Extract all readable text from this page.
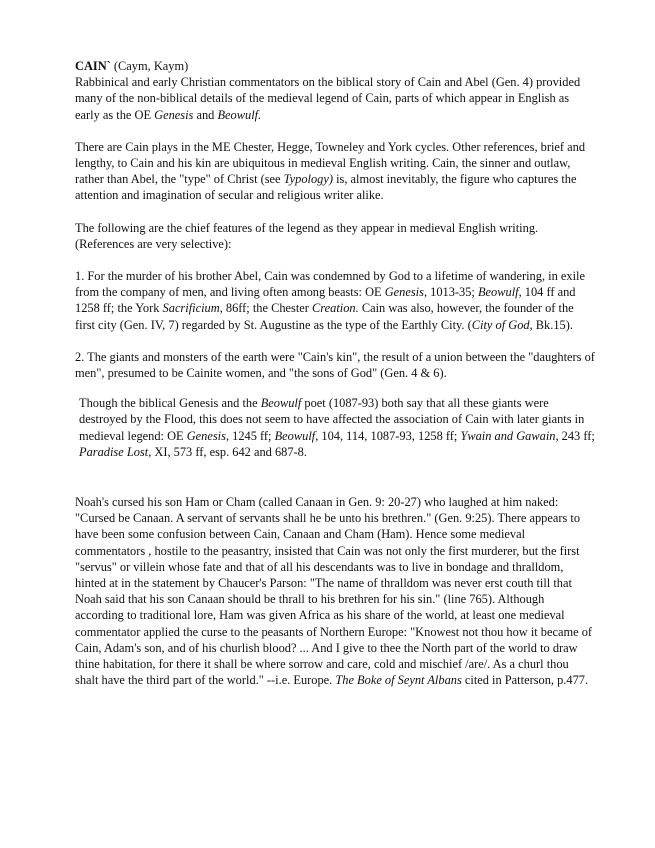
CAIN` (Caym, Kaym)

Rabbinical and early Christian commentators on the biblical story of Cain and Abel (Gen. 4) provided many of the non-biblical details of the medieval legend of Cain, parts of which appear in English as early as the OE Genesis and Beowulf.

There are Cain plays in the ME Chester, Hegge, Towneley and York cycles. Other references, brief and lengthy, to Cain and his kin are ubiquitous in medieval English writing. Cain, the sinner and outlaw, rather than Abel, the "type" of Christ (see Typology) is, almost inevitably, the figure who captures the attention and imagination of secular and religious writer alike.

The following are the chief features of the legend as they appear in medieval English writing. (References are very selective):

1. For the murder of his brother Abel, Cain was condemned by God to a lifetime of wandering, in exile from the company of men, and living often among beasts: OE Genesis, 1013-35; Beowulf, 104 ff and 1258 ff; the York Sacrificium, 86ff; the Chester Creation. Cain was also, however, the founder of the first city (Gen. IV, 7) regarded by St. Augustine as the type of the Earthly City. (City of God, Bk.15).

2. The giants and monsters of the earth were "Cain's kin", the result of a union between the "daughters of men", presumed to be Cainite women, and "the sons of God" (Gen. 4 & 6).

Though the biblical Genesis and the Beowulf poet (1087-93) both say that all these giants were destroyed by the Flood, this does not seem to have affected the association of Cain with later giants in medieval legend: OE Genesis, 1245 ff; Beowulf, 104, 114, 1087-93, 1258 ff; Ywain and Gawain, 243 ff; Paradise Lost, XI, 573 ff, esp. 642 and 687-8.

Noah's cursed his son Ham or Cham (called Canaan in Gen. 9: 20-27) who laughed at him naked: "Cursed be Canaan. A servant of servants shall he be unto his brethren." (Gen. 9:25). There appears to have been some confusion between Cain, Canaan and Cham (Ham). Hence some medieval commentators , hostile to the peasantry, insisted that Cain was not only the first murderer, but the first "servus" or villein whose fate and that of all his descendants was to live in bondage and thralldom, hinted at in the statement by Chaucer's Parson: "The name of thralldom was never erst couth till that Noah said that his son Canaan should be thrall to his brethren for his sin." (line 765). Although according to traditional lore, Ham was given Africa as his share of the world, at least one medieval commentator applied the curse to the peasants of Northern Europe: "Knowest not thou how it became of Cain, Adam's son, and of his churlish blood? ... And I give to thee the North part of the world to draw thine habitation, for there it shall be where sorrow and care, cold and mischief /are/. As a churl thou shalt have the third part of the world." --i.e. Europe. The Boke of Seynt Albans cited in Patterson, p.477.
